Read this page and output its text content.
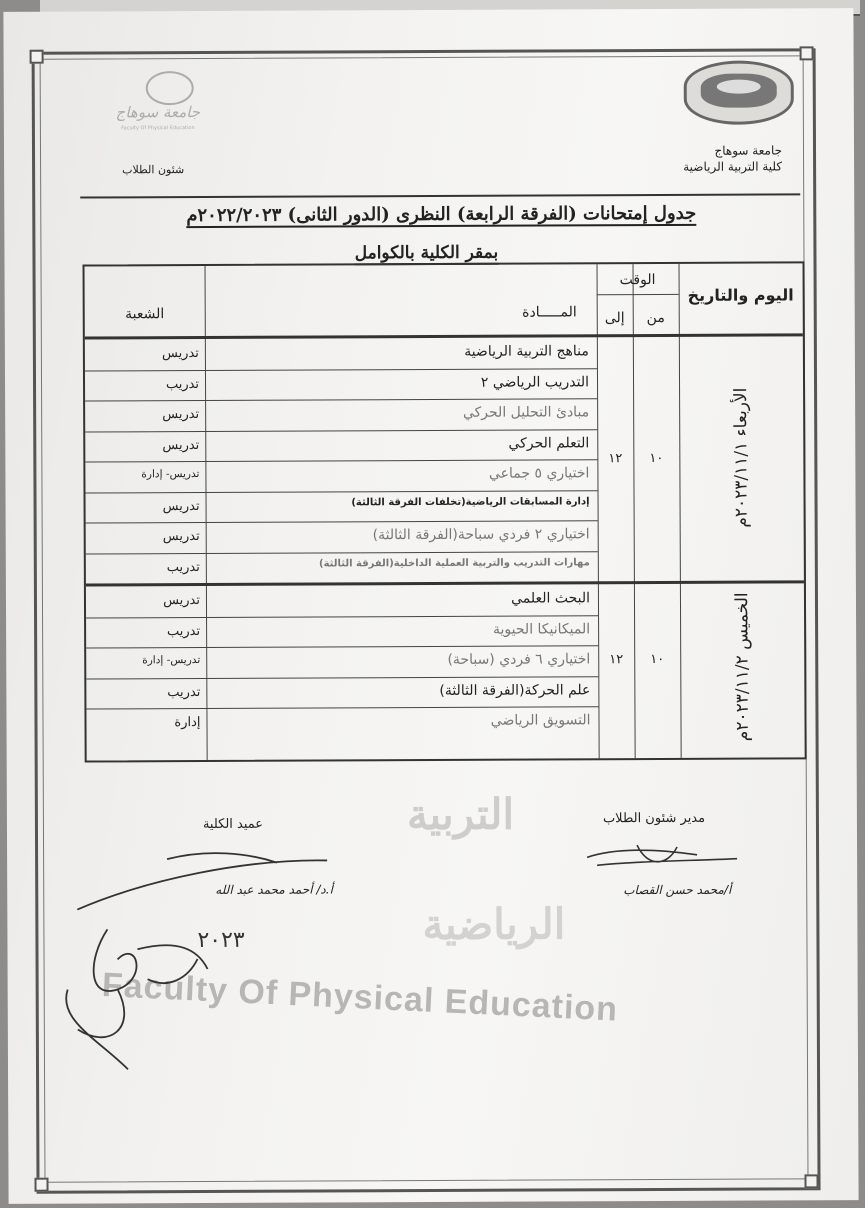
جامعة سوهاج
Faculty Of Physical Education
جامعة سوهاج
كلية التربية الرياضية
شئون الطلاب
جدول إمتحانات (الفرقة الرابعة) النظرى (الدور الثانى) ٢٠٢٢/٢٠٢٣م
بمقر الكلية بالكوامل
اليوم والتاريخ
الوقت
من
إلى
المـــــادة
الشعبة
مناهج التربية الرياضية
تدريس
التدريب الرياضي ٢
تدريب
مبادئ التحليل الحركي
تدريس
التعلم الحركي
تدريس
اختياري ٥ جماعي
تدريس- إدارة
إدارة المسابقات الرياضية(تخلفات الفرقة الثالثة)
تدريس
اختياري ٢ فردي سباحة(الفرقة الثالثة)
تدريس
مهارات التدريب والتربية العملية الداخلية(الفرقة الثالثة)
تدريب
١٠
١٢
الأربعاء ٢٠٢٣/١١/١م
البحث العلمي
تدريس
الميكانيكا الحيوية
تدريب
اختياري ٦ فردي (سباحة)
تدريس- إدارة
علم الحركة(الفرقة الثالثة)
تدريب
التسويق الرياضي
إدارة
١٠
١٢
الخميس ٢٠٢٣/١١/٢م
التربية
الرياضية
Faculty Of Physical Education
مدير شئون الطلاب
عميد الكلية
أ/محمد حسن القصاب
أ.د/ أحمد محمد عبد الله
٢٠٢٣
